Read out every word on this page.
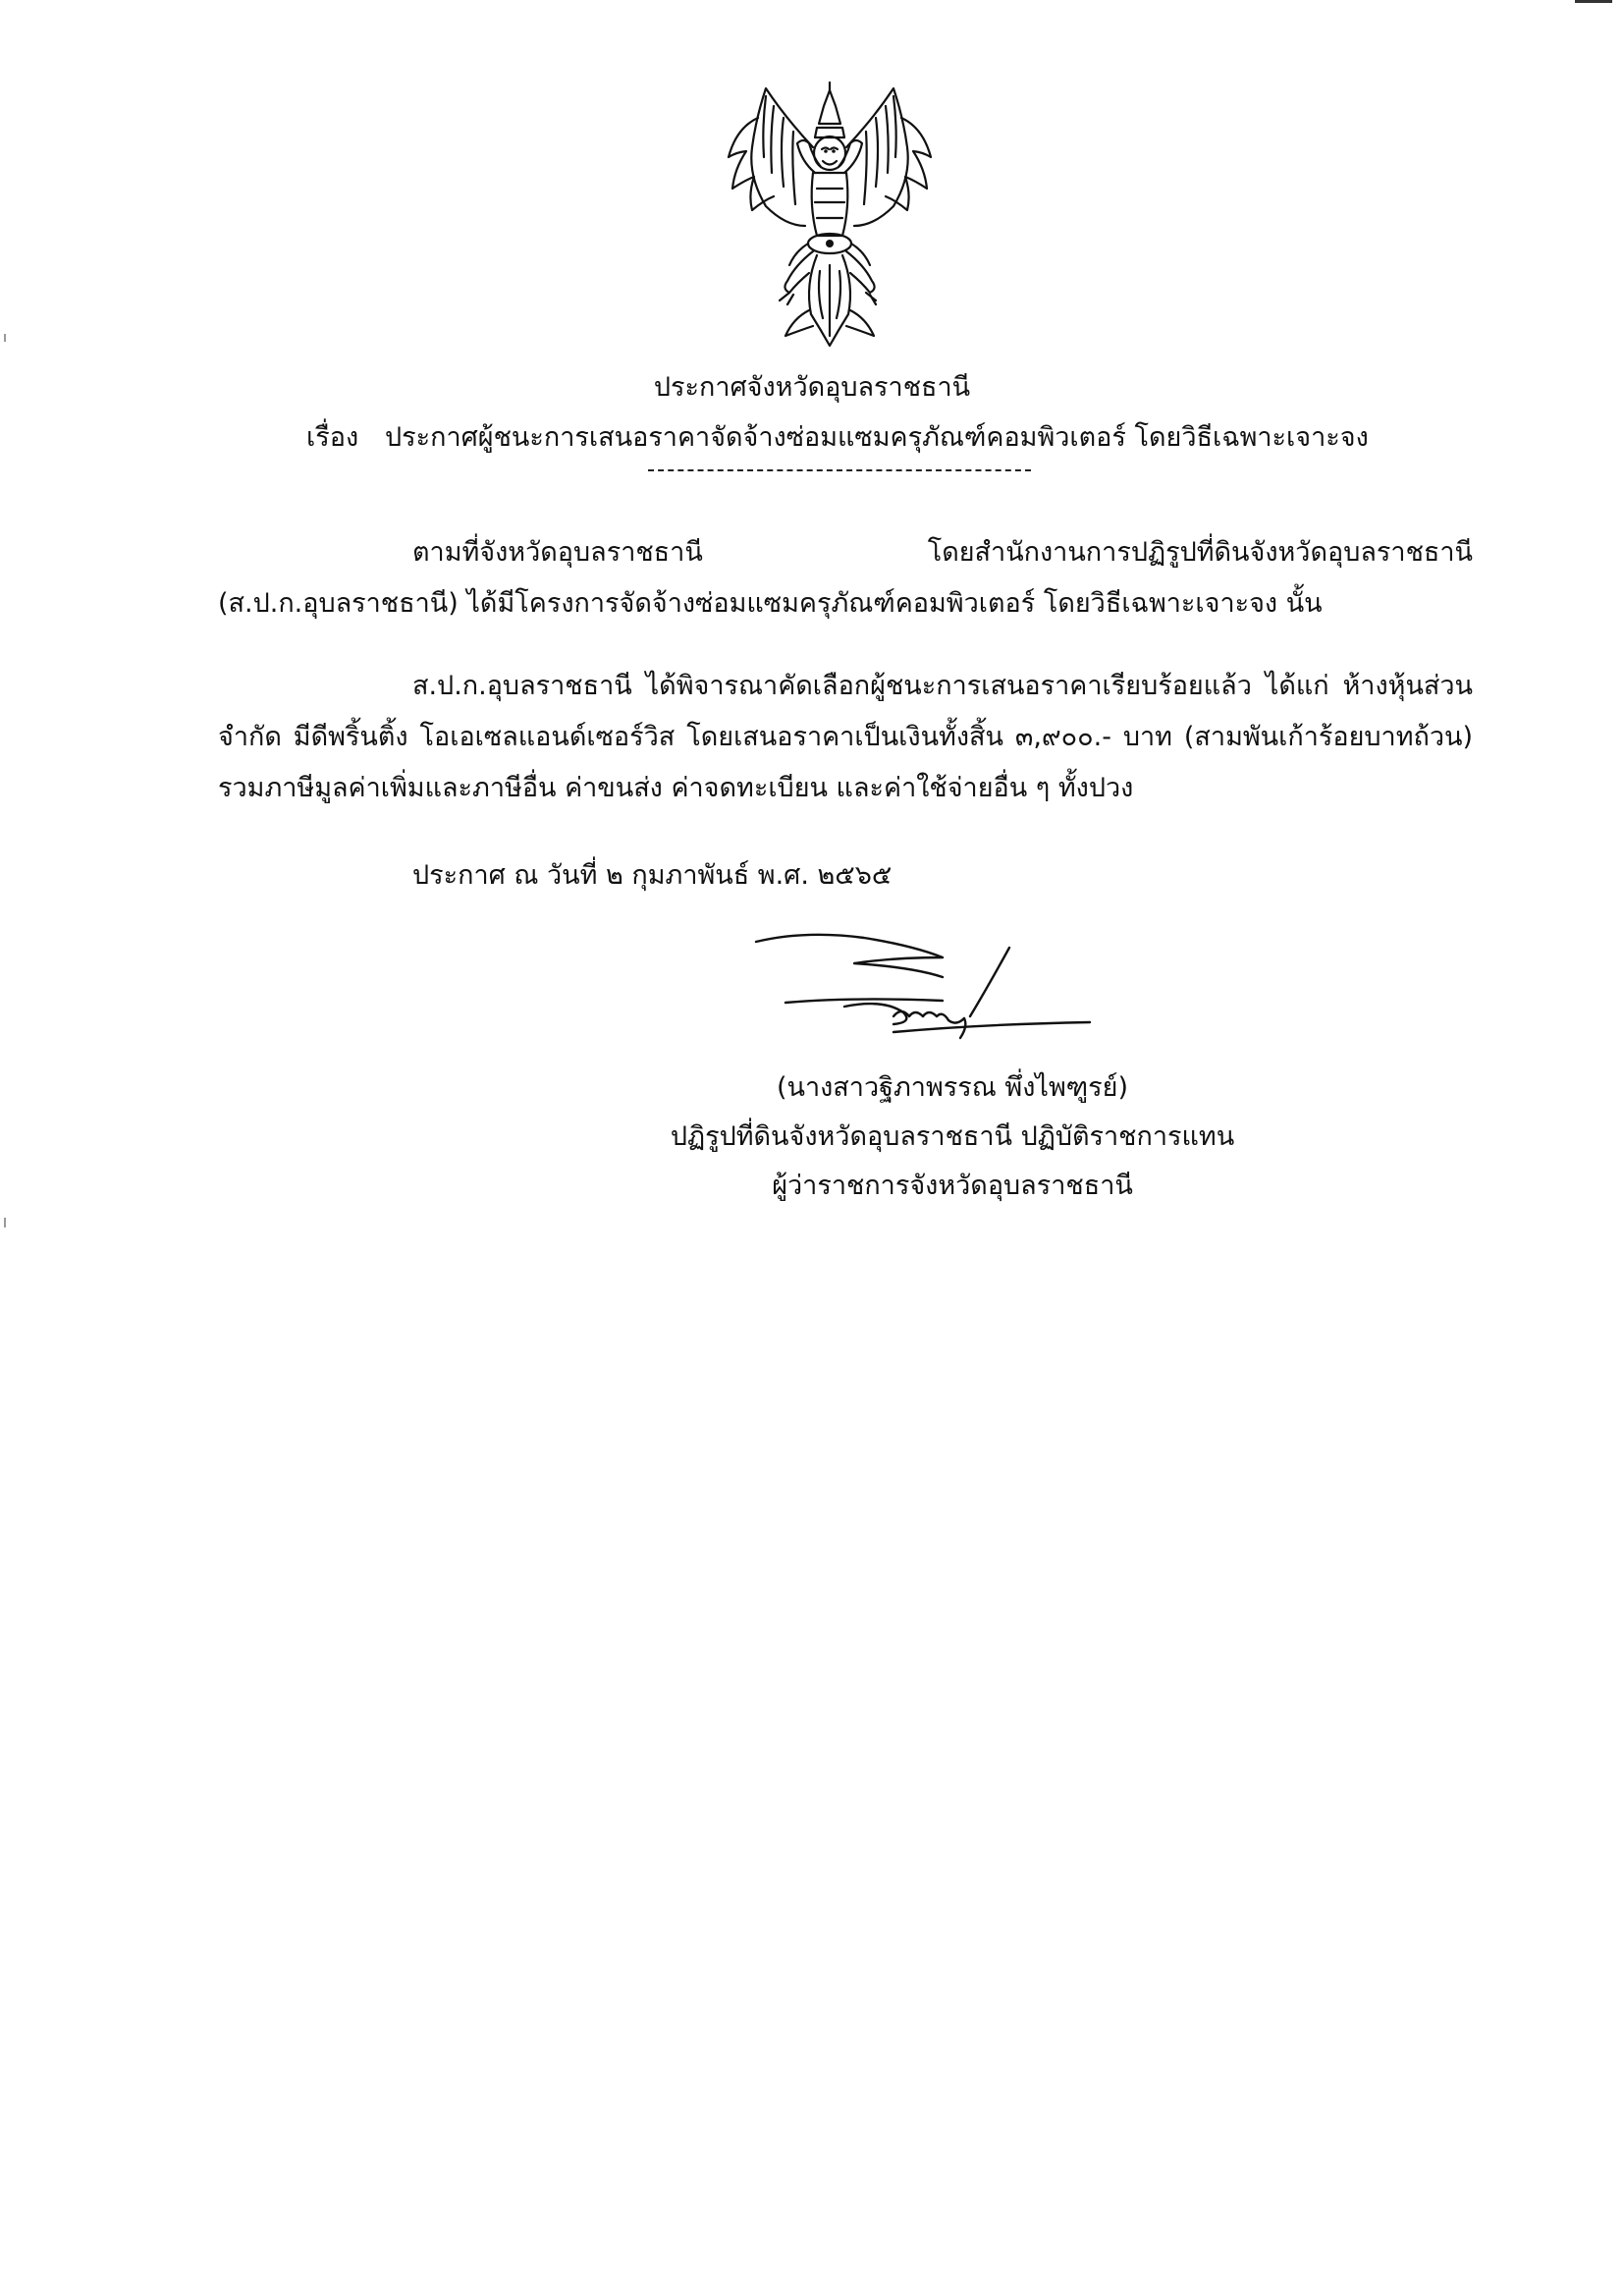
ประกาศจังหวัดอุบลราชธานี

เรื่อง ประกาศผู้ชนะการเสนอราคาจัดจ้างซ่อมแซมครุภัณฑ์คอมพิวเตอร์ โดยวิธีเฉพาะเจาะจง

ตามที่จังหวัดอุบลราชธานี โดยสำนักงานการปฏิรูปที่ดินจังหวัดอุบลราชธานี (ส.ป.ก.อุบลราชธานี) ได้มีโครงการจัดจ้างซ่อมแซมครุภัณฑ์คอมพิวเตอร์ โดยวิธีเฉพาะเจาะจง นั้น

ส.ป.ก.อุบลราชธานี ได้พิจารณาคัดเลือกผู้ชนะการเสนอราคาเรียบร้อยแล้ว ได้แก่ ห้างหุ้นส่วนจำกัด มีดีพริ้นติ้ง โอเอเซลแอนด์เซอร์วิส โดยเสนอราคาเป็นเงินทั้งสิ้น ๓,๙๐๐.- บาท (สามพันเก้าร้อยบาทถ้วน) รวมภาษีมูลค่าเพิ่มและภาษีอื่น ค่าขนส่ง ค่าจดทะเบียน และค่าใช้จ่ายอื่น ๆ ทั้งปวง

ประกาศ ณ วันที่ ๒ กุมภาพันธ์ พ.ศ. ๒๕๖๕

(นางสาวฐิภาพรรณ พึ่งไพฑูรย์)

ปฏิรูปที่ดินจังหวัดอุบลราชธานี ปฏิบัติราชการแทน

ผู้ว่าราชการจังหวัดอุบลราชธานี
